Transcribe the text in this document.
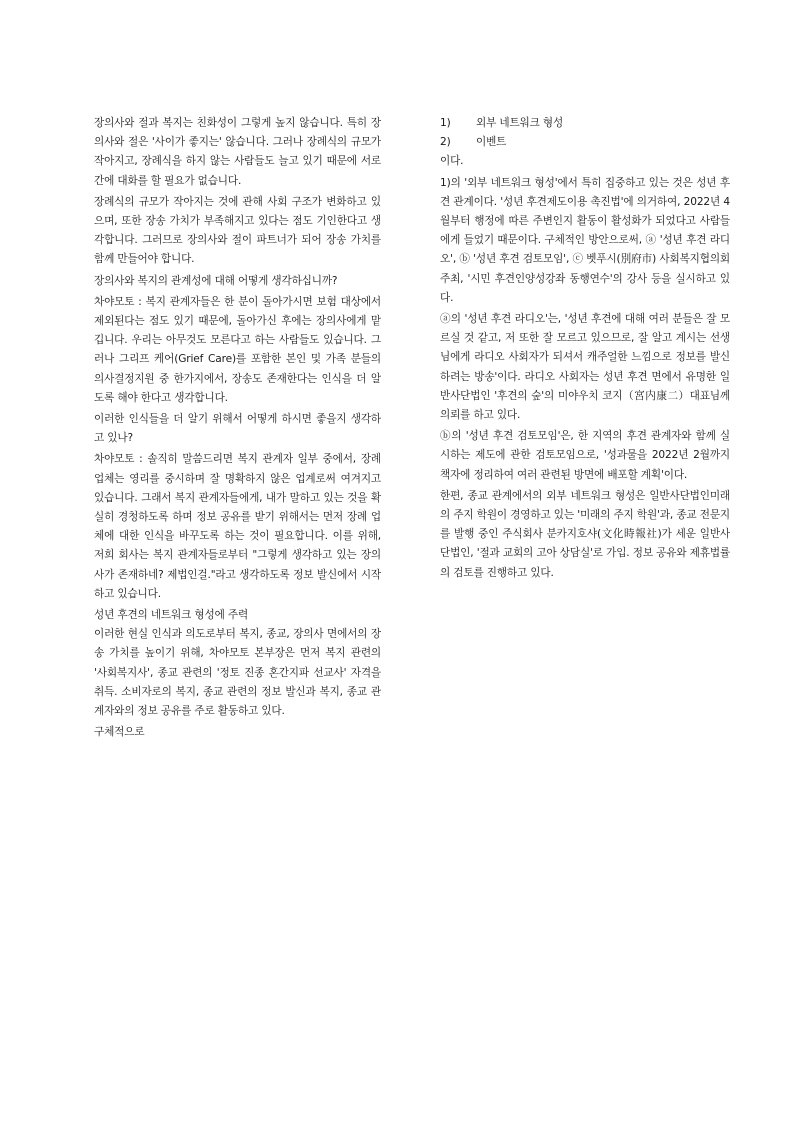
장의사와 절과 복지는 친화성이 그렇게 높지 않습니다. 특히 장의사와 절은 '사이가 좋지는' 않습니다. 그러나 장례식의 규모가 작아지고, 장례식을 하지 않는 사람들도 늘고 있기 때문에 서로 간에 대화를 할 필요가 없습니다.

장례식의 규모가 작아지는 것에 관해 사회 구조가 변화하고 있으며, 또한 장송 가치가 부족해지고 있다는 점도 기인한다고 생각합니다. 그러므로 장의사와 절이 파트너가 되어 장송 가치를 함께 만들어야 합니다.

장의사와 복지의 관계성에 대해 어떻게 생각하십니까?

차야모토 : 복지 관계자들은 한 분이 돌아가시면 보험 대상에서 제외된다는 점도 있기 때문에, 돌아가신 후에는 장의사에게 맡깁니다. 우리는 아무것도 모른다고 하는 사람들도 있습니다. 그러나 그리프 케어(Grief Care)를 포함한 본인 및 가족 분들의 의사결정지원 중 한가지에서, 장송도 존재한다는 인식을 더 알도록 해야 한다고 생각합니다.

이러한 인식들을 더 알기 위해서 어떻게 하시면 좋을지 생각하고 있나?

차야모토 : 솔직히 말씀드리면 복지 관계자 일부 중에서, 장례 업체는 영리를 중시하며 잘 명확하지 않은 업계로써 여겨지고 있습니다. 그래서 복지 관계자들에게, 내가 말하고 있는 것을 확실히 경청하도록 하며 정보 공유를 받기 위해서는 먼저 장례 업체에 대한 인식을 바꾸도록 하는 것이 필요합니다. 이를 위해, 저희 회사는 복지 관계자들로부터 "그렇게 생각하고 있는 장의사가 존재하네? 제법인걸."라고 생각하도록 정보 발신에서 시작하고 있습니다.

성년 후견의 네트워크 형성에 주력

이러한 현실 인식과 의도로부터 복지, 종교, 장의사 면에서의 장송 가치를 높이기 위해, 차야모토 본부장은 먼저 복지 관련의 '사회복지사', 종교 관련의 '정토 진종 혼간지파 선교사' 자격을 취득. 소비자로의 복지, 종교 관련의 정보 발신과 복지, 종교 관계자와의 정보 공유를 주로 활동하고 있다.

구체적으로

1)	외부 네트워크 형성
2)	이벤트

이다.

1)의 '외부 네트워크 형성'에서 특히 집중하고 있는 것은 성년 후견 관계이다. '성년 후견제도이용 촉진법'에 의거하여, 2022년 4월부터 행정에 따른 주변인지 활동이 활성화가 되었다고 사람들에게 들었기 때문이다. 구체적인 방안으로써, ⓐ '성년 후견 라디오', ⓑ '성년 후견 검토모임', ⓒ 벳푸시(別府市) 사회복지협의회 주최, '시민 후견인양성강좌 동행연수'의 강사 등을 실시하고 있다.

ⓐ의 '성년 후견 라디오'는, '성년 후견에 대해 여러 분들은 잘 모르실 것 같고, 저 또한 잘 모르고 있으므로, 잘 알고 계시는 선생님에게 라디오 사회자가 되셔서 캐주얼한 느낌으로 정보를 발신하려는 방송'이다. 라디오 사회자는 성년 후견 면에서 유명한 일반사단법인 '후견의 숲'의 미야우치 코지（宮内康二）대표님께 의뢰를 하고 있다.

ⓑ의 '성년 후견 검토모임'은, 한 지역의 후견 관계자와 함께 실시하는 제도에 관한 검토모임으로, '성과물을 2022년 2월까지 책자에 정리하여 여러 관련된 방면에 배포할 계획'이다.

한편, 종교 관계에서의 외부 네트워크 형성은 일반사단법인미래의 주지 학원이 경영하고 있는 '미래의 주지 학원'과, 종교 전문지를 발행 중인 주식회사 분카지호샤(文化時報社)가 세운 일반사단법인, '절과 교회의 고아 상담실'로 가입. 정보 공유와 제휴법률의 검토를 진행하고 있다.
